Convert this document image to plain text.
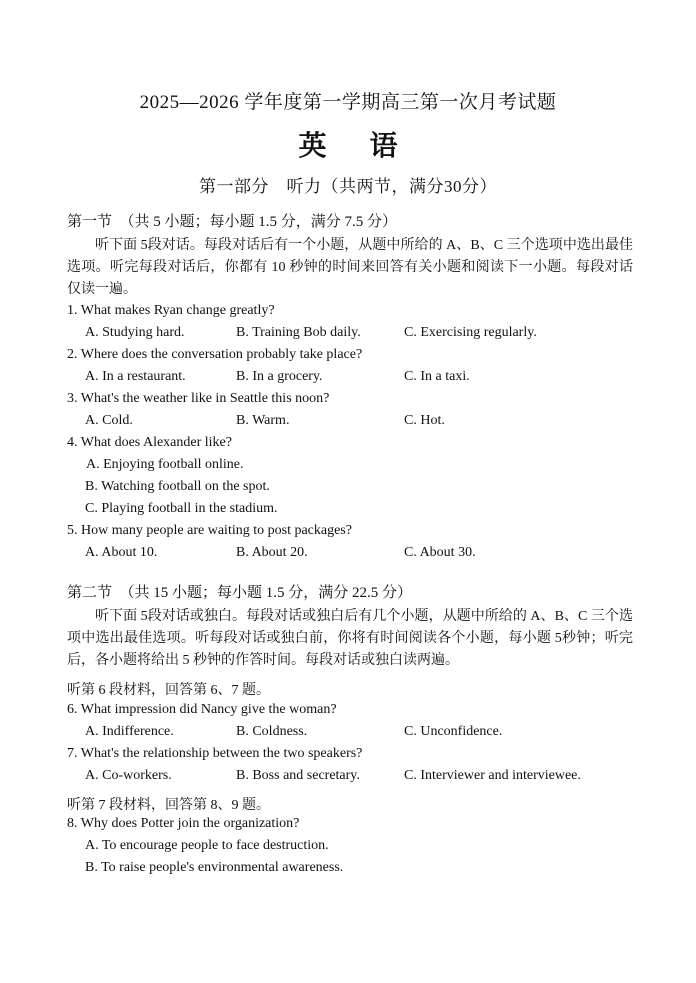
2025—2026 学年度第一学期高三第一次月考试题
英 语
第一部分　听力（共两节，满分30分）
第一节　（共 5 小题；每小题 1.5 分，满分 7.5 分）

听下面 5段对话。每段对话后有一个小题，从题中所给的 A、B、C 三个选项中选出最佳选项。听完每段对话后，你都有 10 秒钟的时间来回答有关小题和阅读下一小题。每段对话仅读一遍。

1. What makes Ryan change greatly?
A. Studying hard.	B. Training Bob daily.	C. Exercising regularly.
2. Where does the conversation probably take place?
A. In a restaurant.	B. In a grocery.	C. In a taxi.
3. What's the weather like in Seattle this noon?
A. Cold.	B. Warm.	C. Hot.
4. What does Alexander like?
A. Enjoying football online.
B. Watching football on the spot.
C. Playing football in the stadium.
5. How many people are waiting to post packages?
A. About 10.	B. About 20.	C. About 30.
第二节　（共 15 小题；每小题 1.5 分，满分 22.5 分）

听下面 5段对话或独白。每段对话或独白后有几个小题，从题中所给的 A、B、C 三个选项中选出最佳选项。听每段对话或独白前，你将有时间阅读各个小题，每小题 5秒钟；听完后，各小题将给出 5 秒钟的作答时间。每段对话或独白读两遍。

听第 6 段材料，回答第 6、7 题。
6. What impression did Nancy give the woman?
A. Indifference.	B. Coldness.	C. Unconfidence.
7. What's the relationship between the two speakers?
A. Co-workers.	B. Boss and secretary.	C. Interviewer and interviewee.
听第 7 段材料，回答第 8、9 题。
8. Why does Potter join the organization?
A. To encourage people to face destruction.
B. To raise people's environmental awareness.
